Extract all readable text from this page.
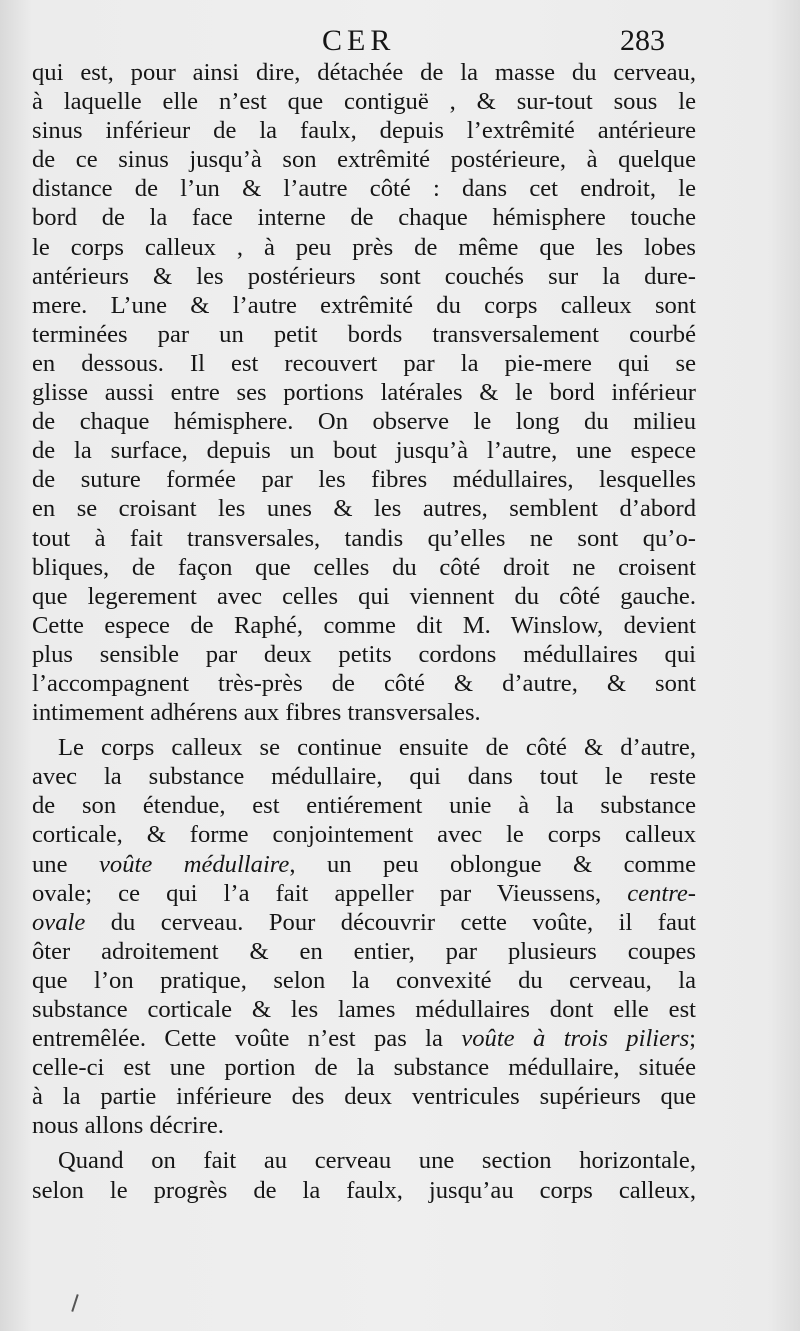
CER	283
qui est, pour ainsi dire, détachée de la masse du cerveau,
à laquelle elle n’est que contiguë , & sur-tout sous le
sinus inférieur de la faulx, depuis l’extrêmité antérieure
de ce sinus jusqu’à son extrêmité postérieure, à quelque
distance de l’un & l’autre côté : dans cet endroit, le
bord de la face interne de chaque hémisphere touche
le corps calleux , à peu près de même que les lobes
antérieurs & les postérieurs sont couchés sur la dure-
mere. L’une & l’autre extrêmité du corps calleux sont
terminées par un petit bords transversalement courbé
en dessous. Il est recouvert par la pie-mere qui se
glisse aussi entre ses portions latérales & le bord inférieur
de chaque hémisphere. On observe le long du milieu
de la surface, depuis un bout jusqu’à l’autre, une espece
de suture formée par les fibres médullaires, lesquelles
en se croisant les unes & les autres, semblent d’abord
tout à fait transversales, tandis qu’elles ne sont qu’o-
bliques, de façon que celles du côté droit ne croisent
que legerement avec celles qui viennent du côté gauche.
Cette espece de Raphé, comme dit M. Winslow, devient
plus sensible par deux petits cordons médullaires qui
l’accompagnent très-près de côté & d’autre, & sont
intimement adhérens aux fibres transversales.
Le corps calleux se continue ensuite de côté & d’autre,
avec la substance médullaire, qui dans tout le reste
de son étendue, est entiérement unie à la substance
corticale, & forme conjointement avec le corps calleux
une voûte médullaire, un peu oblongue & comme
ovale; ce qui l’a fait appeller par Vieussens, centre-
ovale du cerveau. Pour découvrir cette voûte, il faut
ôter adroitement & en entier, par plusieurs coupes
que l’on pratique, selon la convexité du cerveau, la
substance corticale & les lames médullaires dont elle est
entremêlée. Cette voûte n’est pas la voûte à trois piliers;
celle-ci est une portion de la substance médullaire, située
à la partie inférieure des deux ventricules supérieurs que
nous allons décrire.
Quand on fait au cerveau une section horizontale,
selon le progrès de la faulx, jusqu’au corps calleux,
